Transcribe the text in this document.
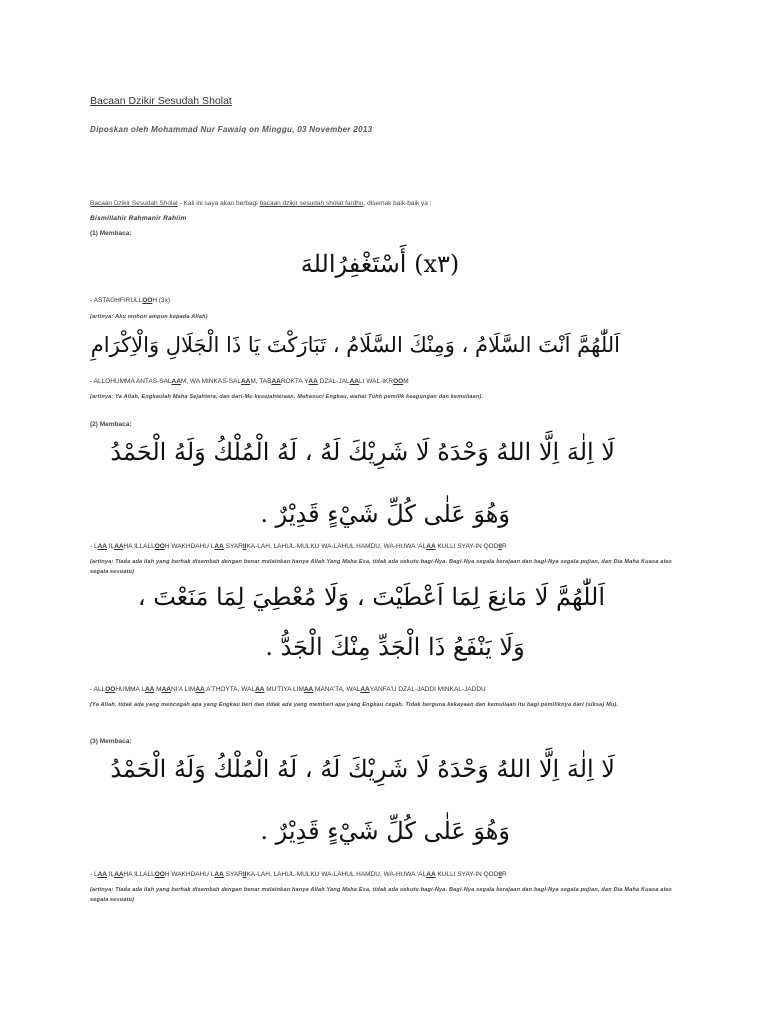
Bacaan Dzikir Sesudah Sholat
Diposkan oleh Mohammad Nur Fawaiq on Minggu, 03 November 2013
Bacaan Dzikir Sesudah Sholat - Kali ini saya akan berbagi bacaan dzikir sesudah sholat fardhu, disemak baik-baik ya :
Bismillahir Rahmanir Rahiim
(1) Membaca:
(x٣) أَسْتَغْفِرُاللهَ
- ASTAGHFIRULLOOH (3x)
(artinya: Aku mohon ampun kepada Allah)
اَللّٰهُمَّ اَنْتَ السَّلَامُ ، وَمِنْكَ السَّلَامُ ، تَبَارَكْتَ يَا ذَا الْجَلَالِ وَالْاِكْرَامِ
- ALLOHUMMA ANTAS-SALAAM, WA MINKAS-SALAAM, TABAAROKTA YAA DZAL-JALAALI WAL-IKROOM
(artinya: Ya Allah, Engkaulah Maha Sejahtera, dan dari-Mu kesejahteraan. Mahasuci Engkau, wahai Tuhh pemilik keagungan dan kemuliaan).
(2) Membaca:
لَا اِلٰهَ اِلَّا اللهُ وَحْدَهُ لَا شَرِيْكَ لَهُ ، لَهُ الْمُلْكُ وَلَهُ الْحَمْدُ
وَهُوَ عَلٰى كُلِّ شَيْءٍ قَدِيْرٌ .
- LAA ILAAHA ILLALLOOH WAKHDAHU LAA SYARIIKA-LAH, LAHUL-MULKU WA-LAHUL HAMDU, WA-HUWA 'ALAA KULLI SYAY-IN QODIIR
(artinya: Tiada ada ilah yang berhak disembah dengan benar melainkan hanya Allah Yang Maha Esa, tidak ada sekutu bagi-Nya. Bagi-Nya segala kerajaan dan bagi-Nya segala pujian, dan Dia Maha Kuasa atas segala sesuatu)
اَللّٰهُمَّ لَا مَانِعَ لِمَا اَعْطَيْتَ ، وَلَا مُعْطِيَ لِمَا مَنَعْتَ ،
وَلَا يَنْفَعُ ذَا الْجَدِّ مِنْكَ الْجَدُّ .
- ALLOOHUMMA LAA MAANI'A LIMAA A'THOYTA, WALAA MU'TIYA LIMAA MANA'TA, WALAAYANFA'U DZAL-JADDI MINKAL-JADDU
(Ya Allah, tidak ada yang mencegah apa yang Engkau beri dan tidak ada yang memberi apa yang Engkau cegah. Tidak berguna kekayaan dan kemuliaan itu bagi pemiliknya dari (siksa) Mu).
(3) Membaca:
لَا اِلٰهَ اِلَّا اللهُ وَحْدَهُ لَا شَرِيْكَ لَهُ ، لَهُ الْمُلْكُ وَلَهُ الْحَمْدُ
وَهُوَ عَلٰى كُلِّ شَيْءٍ قَدِيْرٌ .
- LAA ILAAHA ILLALLOOH WAKHDAHU LAA SYARIIKA-LAH, LAHUL-MULKU WA-LAHUL HAMDU, WA-HUWA 'ALAA KULLI SYAY-IN QODIIR
(artinya: Tiada ada ilah yang berhak disembah dengan benar melainkan hanya Allah Yang Maha Esa, tidak ada sekutu bagi-Nya. Bagi-Nya segala kerajaan dan bagi-Nya segala pujian, dan Dia Maha Kuasa atas segala sesuatu)
